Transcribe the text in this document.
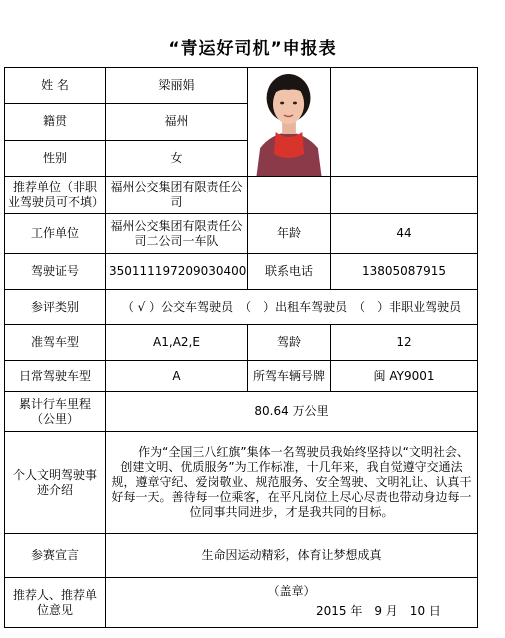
“青运好司机”申报表
姓 名	梁丽娟	

籍贯	福州		
性别	女		
推荐单位（非职业驾驶员可不填）	福州公交集团有限责任公司		
工作单位	福州公交集团有限责任公司二公司一车队	年龄	44
驾驶证号	350111197209030400	联系电话	13805087915
参评类别	（ √ ）公交车驾驶员　（　）出租车驾驶员　（　）非职业驾驶员		
准驾车型	A1,A2,E	驾龄	12
日常驾驶车型	A	所驾车辆号牌	闽 AY9001
累计行车里程（公里）	80.64 万公里		
个人文明驾驶事迹介绍	作为“全国三八红旗”集体一名驾驶员我始终坚持以“文明社会、创建文明、优质服务”为工作标准，十几年来，我自觉遵守交通法规，遵章守纪、爱岗敬业、规范服务、安全驾驶、文明礼让、认真干好每一天。善待每一位乘客，在平凡岗位上尽心尽责也带动身边每一位同事共同进步，才是我共同的目标。		
参赛宣言	生命因运动精彩，体育让梦想成真		
推荐人、推荐单位意见	（盖章）
2015 年　9 月　10 日		
